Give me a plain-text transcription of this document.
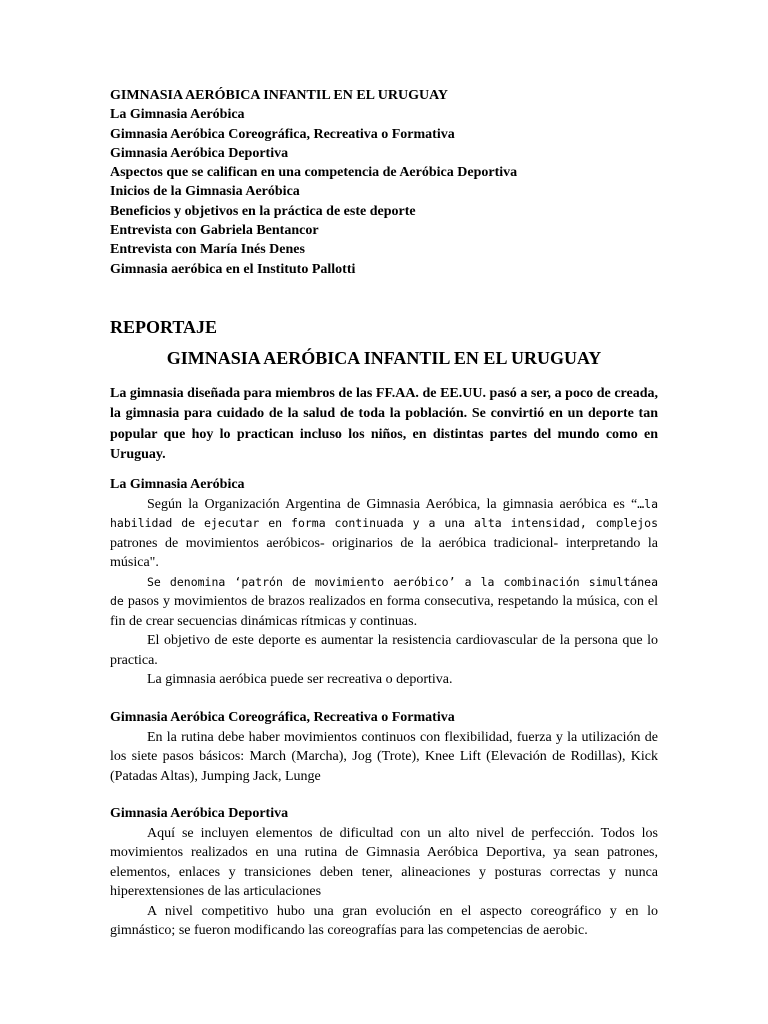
GIMNASIA AERÓBICA INFANTIL EN EL URUGUAY
La Gimnasia Aeróbica
Gimnasia Aeróbica Coreográfica, Recreativa o Formativa
Gimnasia Aeróbica Deportiva
Aspectos que se califican en una competencia de Aeróbica Deportiva
Inicios de la Gimnasia Aeróbica
Beneficios y objetivos en la práctica de este deporte
Entrevista con Gabriela Bentancor
Entrevista con María Inés Denes
Gimnasia aeróbica en el Instituto Pallotti
REPORTAJE
GIMNASIA AERÓBICA INFANTIL EN EL URUGUAY
La gimnasia diseñada para miembros de las FF.AA. de EE.UU. pasó a ser, a poco de creada, la gimnasia para cuidado de la salud de toda la población. Se convirtió en un deporte tan popular que hoy lo practican incluso los niños, en distintas partes del mundo como en Uruguay.
La Gimnasia Aeróbica

Según la Organización Argentina de Gimnasia Aeróbica, la gimnasia aeróbica es “…la habilidad de ejecutar en forma continuada y a una alta intensidad, complejos patrones de movimientos aeróbicos- originarios de la aeróbica tradicional- interpretando la música".

Se denomina ‘patrón de movimiento aeróbico’ a la combinación simultánea de pasos y movimientos de brazos realizados en forma consecutiva, respetando la música, con el fin de crear secuencias dinámicas rítmicas y continuas.

El objetivo de este deporte es aumentar la resistencia cardiovascular de la persona que lo practica.

La gimnasia aeróbica puede ser recreativa o deportiva.

Gimnasia Aeróbica Coreográfica, Recreativa o Formativa

En la rutina debe haber movimientos continuos con flexibilidad, fuerza y la utilización de los siete pasos básicos: March (Marcha), Jog (Trote), Knee Lift (Elevación de Rodillas), Kick (Patadas Altas), Jumping Jack, Lunge

Gimnasia Aeróbica Deportiva

Aquí se incluyen elementos de dificultad con un alto nivel de perfección. Todos los movimientos realizados en una rutina de Gimnasia Aeróbica Deportiva, ya sean patrones, elementos, enlaces y transiciones deben tener, alineaciones y posturas correctas y nunca hiperextensiones de las articulaciones

A nivel competitivo hubo una gran evolución en el aspecto coreográfico y en lo gimnástico; se fueron modificando las coreografías para las competencias de aerobic.
